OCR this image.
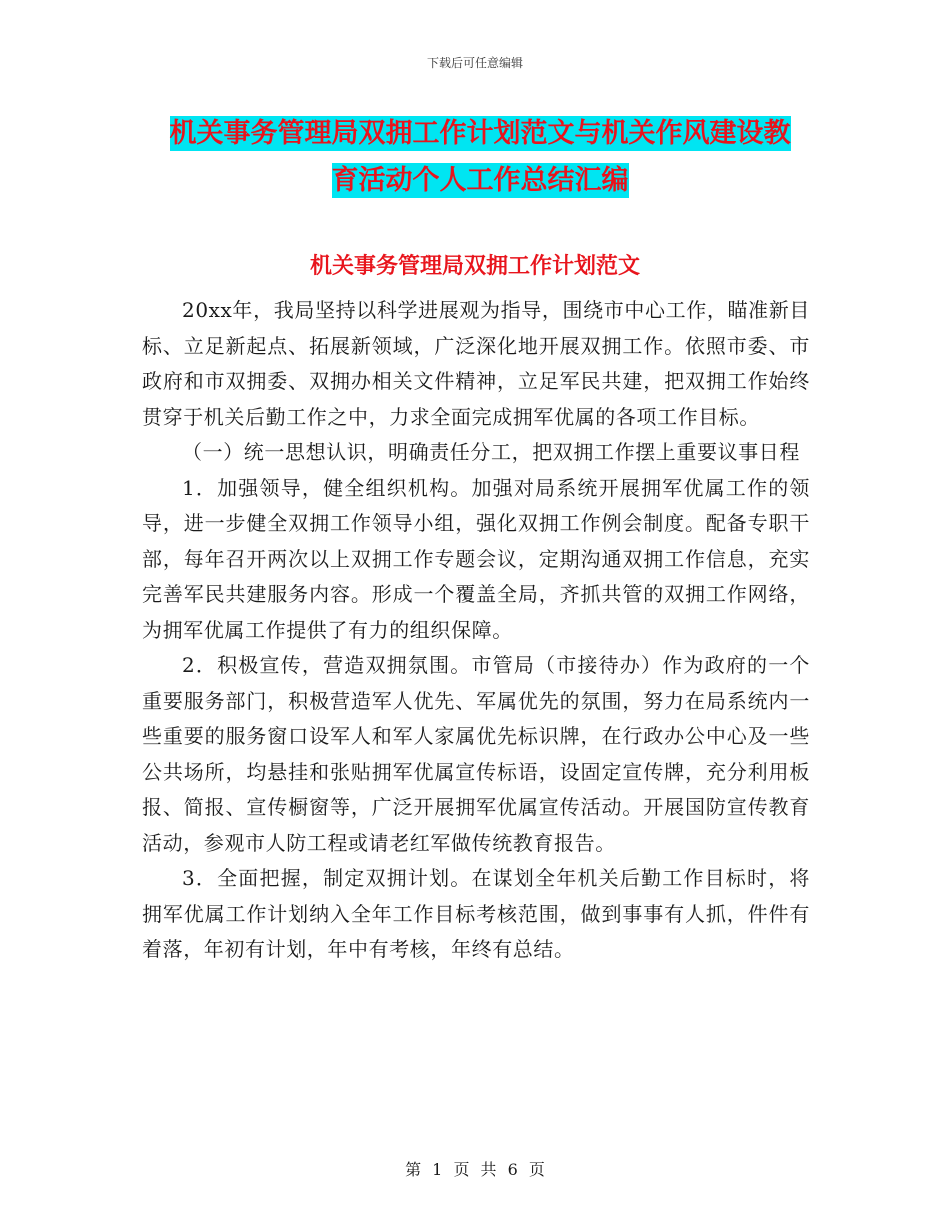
下载后可任意编辑
机关事务管理局双拥工作计划范文与机关作风建设教
育活动个人工作总结汇编
机关事务管理局双拥工作计划范文

20xx年，我局坚持以科学进展观为指导，围绕市中心工作，瞄准新目标、立足新起点、拓展新领域，广泛深化地开展双拥工作。依照市委、市政府和市双拥委、双拥办相关文件精神，立足军民共建，把双拥工作始终贯穿于机关后勤工作之中，力求全面完成拥军优属的各项工作目标。

（一）统一思想认识，明确责任分工，把双拥工作摆上重要议事日程

1．加强领导，健全组织机构。加强对局系统开展拥军优属工作的领导，进一步健全双拥工作领导小组，强化双拥工作例会制度。配备专职干部，每年召开两次以上双拥工作专题会议，定期沟通双拥工作信息，充实完善军民共建服务内容。形成一个覆盖全局，齐抓共管的双拥工作网络，为拥军优属工作提供了有力的组织保障。

2．积极宣传，营造双拥氛围。市管局（市接待办）作为政府的一个重要服务部门，积极营造军人优先、军属优先的氛围，努力在局系统内一些重要的服务窗口设军人和军人家属优先标识牌，在行政办公中心及一些公共场所，均悬挂和张贴拥军优属宣传标语，设固定宣传牌，充分利用板报、简报、宣传橱窗等，广泛开展拥军优属宣传活动。开展国防宣传教育活动，参观市人防工程或请老红军做传统教育报告。

3．全面把握，制定双拥计划。在谋划全年机关后勤工作目标时，将拥军优属工作计划纳入全年工作目标考核范围，做到事事有人抓，件件有着落，年初有计划，年中有考核，年终有总结。

第 1 页 共 6 页
